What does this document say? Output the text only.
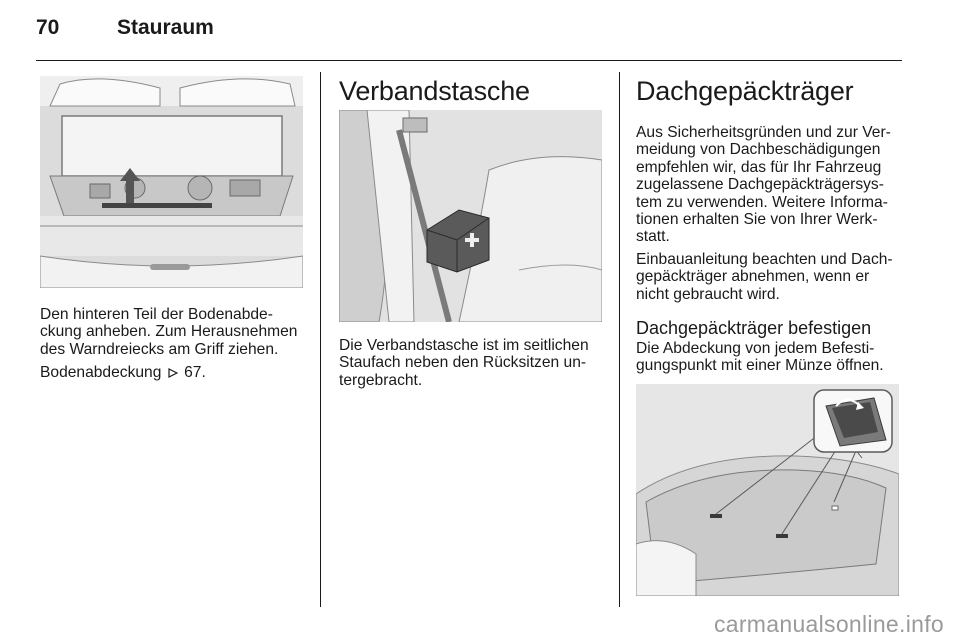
70	Stauraum
Den hinteren Teil der Bodenabde-
ckung anheben. Zum Herausnehmen
des Warndreiecks am Griff ziehen.
Bodenabdeckung 67.
Verbandstasche
Die Verbandstasche ist im seitlichen
Staufach neben den Rücksitzen un-
tergebracht.
Dachgepäckträger
Aus Sicherheitsgründen und zur Ver-
meidung von Dachbeschädigungen
empfehlen wir, das für Ihr Fahrzeug
zugelassene Dachgepäckträgersys-
tem zu verwenden. Weitere Informa-
tionen erhalten Sie von Ihrer Werk-
statt.
Einbauanleitung beachten und Dach-
gepäckträger abnehmen, wenn er
nicht gebraucht wird.
Dachgepäckträger befestigen
Die Abdeckung von jedem Befesti-
gungspunkt mit einer Münze öffnen.
carmanualsonline.info
